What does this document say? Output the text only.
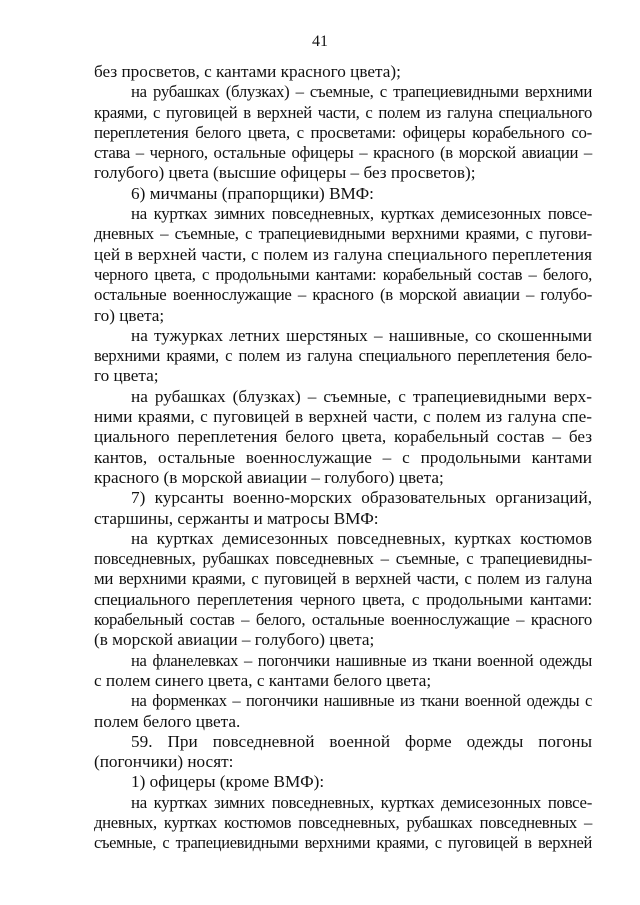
41
без просветов, с кантами красного цвета);
на рубашках (блузках) – съемные, с трапециевидными верхними
краями, с пуговицей в верхней части, с полем из галуна специального
переплетения белого цвета, с просветами: офицеры корабельного со-
става – черного, остальные офицеры – красного (в морской авиации –
голубого) цвета (высшие офицеры – без просветов);
6) мичманы (прапорщики) ВМФ:
на куртках зимних повседневных, куртках демисезонных повсе-
дневных – съемные, с трапециевидными верхними краями, с пугови-
цей в верхней части, с полем из галуна специального переплетения
черного цвета, с продольными кантами: корабельный состав – белого,
остальные военнослужащие – красного (в морской авиации – голубо-
го) цвета;
на тужурках летних шерстяных – нашивные, со скошенными
верхними краями, с полем из галуна специального переплетения бело-
го цвета;
на рубашках (блузках) – съемные, с трапециевидными верх-
ними краями, с пуговицей в верхней части, с полем из галуна спе-
циального переплетения белого цвета, корабельный состав – без
кантов, остальные военнослужащие – с продольными кантами
красного (в морской авиации – голубого) цвета;
7) курсанты военно-морских образовательных организаций,
старшины, сержанты и матросы ВМФ:
на куртках демисезонных повседневных, куртках костюмов
повседневных, рубашках повседневных – съемные, с трапециевидны-
ми верхними краями, с пуговицей в верхней части, с полем из галуна
специального переплетения черного цвета, с продольными кантами:
корабельный состав – белого, остальные военнослужащие – красного
(в морской авиации – голубого) цвета;
на фланелевках – погончики нашивные из ткани военной одежды
с полем синего цвета, с кантами белого цвета;
на форменках – погончики нашивные из ткани военной одежды с
полем белого цвета.
59. При повседневной военной форме одежды погоны
(погончики) носят:
1) офицеры (кроме ВМФ):
на куртках зимних повседневных, куртках демисезонных повсе-
дневных, куртках костюмов повседневных, рубашках повседневных –
съемные, с трапециевидными верхними краями, с пуговицей в верхней
